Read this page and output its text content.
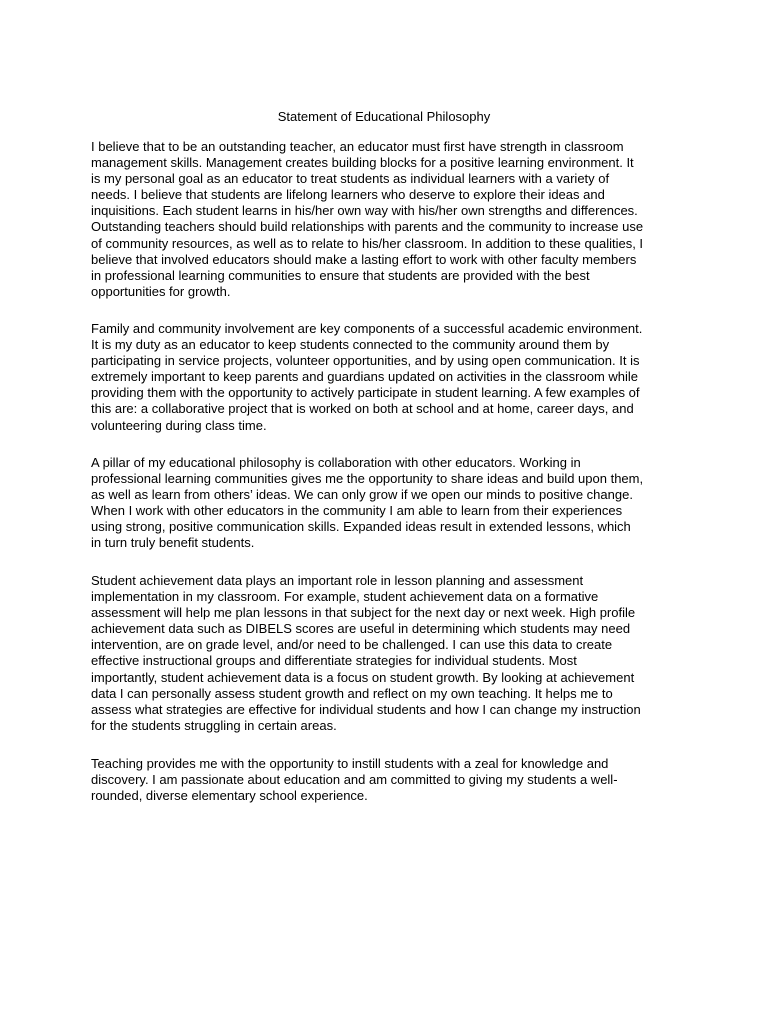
Statement of Educational Philosophy

I believe that to be an outstanding teacher, an educator must first have strength in classroom
management skills. Management creates building blocks for a positive learning environment. It
is my personal goal as an educator to treat students as individual learners with a variety of
needs. I believe that students are lifelong learners who deserve to explore their ideas and
inquisitions. Each student learns in his/her own way with his/her own strengths and differences.
Outstanding teachers should build relationships with parents and the community to increase use
of community resources, as well as to relate to his/her classroom. In addition to these qualities, I
believe that involved educators should make a lasting effort to work with other faculty members
in professional learning communities to ensure that students are provided with the best
opportunities for growth.

Family and community involvement are key components of a successful academic environment.
It is my duty as an educator to keep students connected to the community around them by
participating in service projects, volunteer opportunities, and by using open communication. It is
extremely important to keep parents and guardians updated on activities in the classroom while
providing them with the opportunity to actively participate in student learning. A few examples of
this are: a collaborative project that is worked on both at school and at home, career days, and
volunteering during class time.

A pillar of my educational philosophy is collaboration with other educators. Working in
professional learning communities gives me the opportunity to share ideas and build upon them,
as well as learn from others’ ideas. We can only grow if we open our minds to positive change.
When I work with other educators in the community I am able to learn from their experiences
using strong, positive communication skills. Expanded ideas result in extended lessons, which
in turn truly benefit students.

Student achievement data plays an important role in lesson planning and assessment
implementation in my classroom. For example, student achievement data on a formative
assessment will help me plan lessons in that subject for the next day or next week. High profile
achievement data such as DIBELS scores are useful in determining which students may need
intervention, are on grade level, and/or need to be challenged. I can use this data to create
effective instructional groups and differentiate strategies for individual students. Most
importantly, student achievement data is a focus on student growth. By looking at achievement
data I can personally assess student growth and reflect on my own teaching. It helps me to
assess what strategies are effective for individual students and how I can change my instruction
for the students struggling in certain areas.

Teaching provides me with the opportunity to instill students with a zeal for knowledge and
discovery. I am passionate about education and am committed to giving my students a well-
rounded, diverse elementary school experience.
